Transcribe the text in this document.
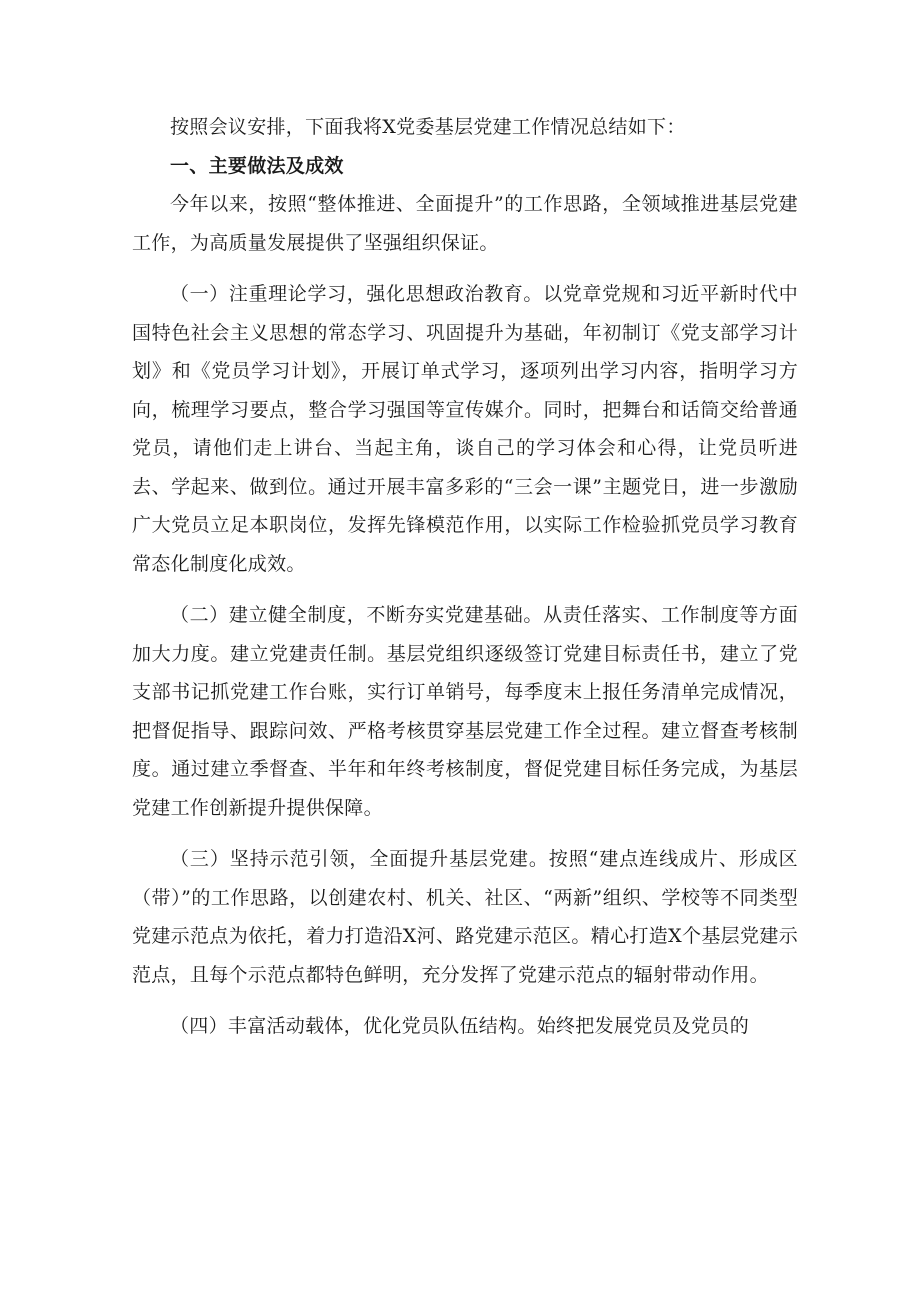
按照会议安排，下面我将X党委基层党建工作情况总结如下：

一、主要做法及成效

今年以来，按照“整体推进、全面提升”的工作思路，全领域推进基层党建工作，为高质量发展提供了坚强组织保证。

（一）注重理论学习，强化思想政治教育。以党章党规和习近平新时代中国特色社会主义思想的常态学习、巩固提升为基础，年初制订《党支部学习计划》和《党员学习计划》，开展订单式学习，逐项列出学习内容，指明学习方向，梳理学习要点，整合学习强国等宣传媒介。同时，把舞台和话筒交给普通党员，请他们走上讲台、当起主角，谈自己的学习体会和心得，让党员听进去、学起来、做到位。通过开展丰富多彩的“三会一课”主题党日，进一步激励广大党员立足本职岗位，发挥先锋模范作用，以实际工作检验抓党员学习教育常态化制度化成效。

（二）建立健全制度，不断夯实党建基础。从责任落实、工作制度等方面加大力度。建立党建责任制。基层党组织逐级签订党建目标责任书，建立了党支部书记抓党建工作台账，实行订单销号，每季度末上报任务清单完成情况，把督促指导、跟踪问效、严格考核贯穿基层党建工作全过程。建立督查考核制度。通过建立季督查、半年和年终考核制度，督促党建目标任务完成，为基层党建工作创新提升提供保障。

（三）坚持示范引领，全面提升基层党建。按照“建点连线成片、形成区（带）”的工作思路，以创建农村、机关、社区、“两新”组织、学校等不同类型党建示范点为依托，着力打造沿X河、路党建示范区。精心打造X个基层党建示范点，且每个示范点都特色鲜明，充分发挥了党建示范点的辐射带动作用。

（四）丰富活动载体，优化党员队伍结构。始终把发展党员及党员的
